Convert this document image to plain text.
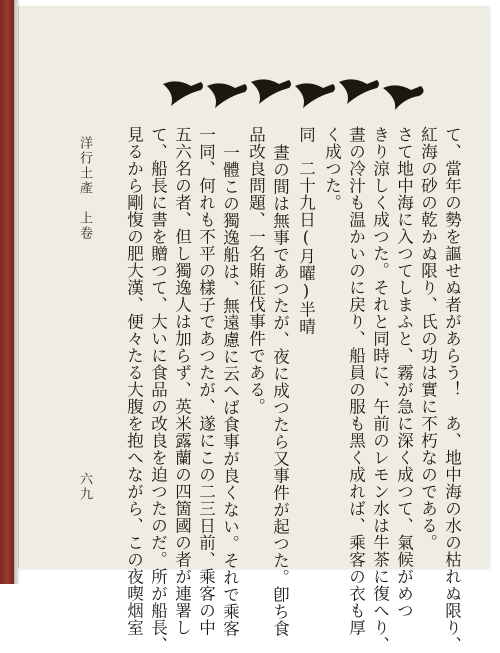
て、當年の勢を謳せぬ者があらう！　あ、地中海の水の枯れぬ限り、
紅海の砂の乾かぬ限り、氏の功は實に不朽なのである。
さて地中海に入つてしまふと、霧が急に深く成つて、氣候がめつ
きり涼しく成つた。それと同時に、午前のレモン水は牛茶に復へり、
晝の冷汁も温かいのに戻り、船員の服も黑く成れば、乘客の衣も厚
く成つた。
同　二十九日(月曜)半晴
晝の間は無事であつたが、夜に成つたら又事件が起つた。卽ち食
品改良問題、一名賄征伐事件である。
一體この獨逸船は、無遠慮に云へば食事が良くない。それで乘客
一同、何れも不平の樣子であつたが、遂にこの二三日前、乘客の中
五六名の者、但し獨逸人は加らず、英米露蘭の四箇國の者が連署し
て、船長に書を贈つて、大いに食品の改良を迫つたのだ。所が船長、
見るから剛愎の肥大漢、便々たる大腹を抱へながら、この夜喫烟室
洋行土產　上卷
六九
